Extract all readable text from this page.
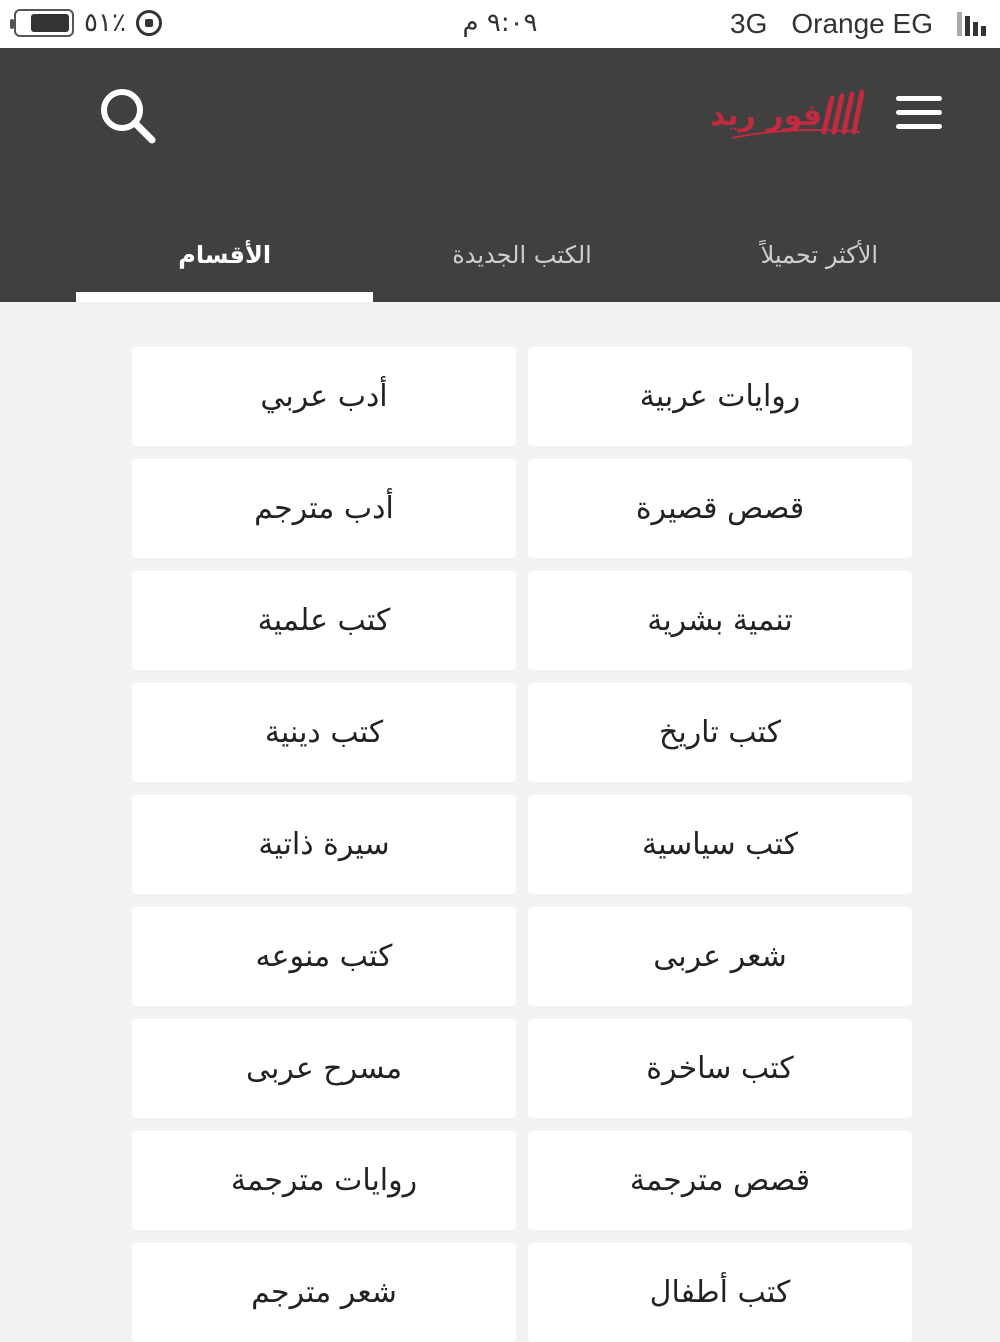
٥١٪	٩:٠٩ م	3G Orange EG
فور ريد
الأكثر تحميلاً
الكتب الجديدة
الأقسام
روايات عربية
أدب عربي
قصص قصيرة
أدب مترجم
تنمية بشرية
كتب علمية
كتب تاريخ
كتب دينية
كتب سياسية
سيرة ذاتية
شعر عربى
كتب منوعه
كتب ساخرة
مسرح عربى
قصص مترجمة
روايات مترجمة
كتب أطفال
شعر مترجم
